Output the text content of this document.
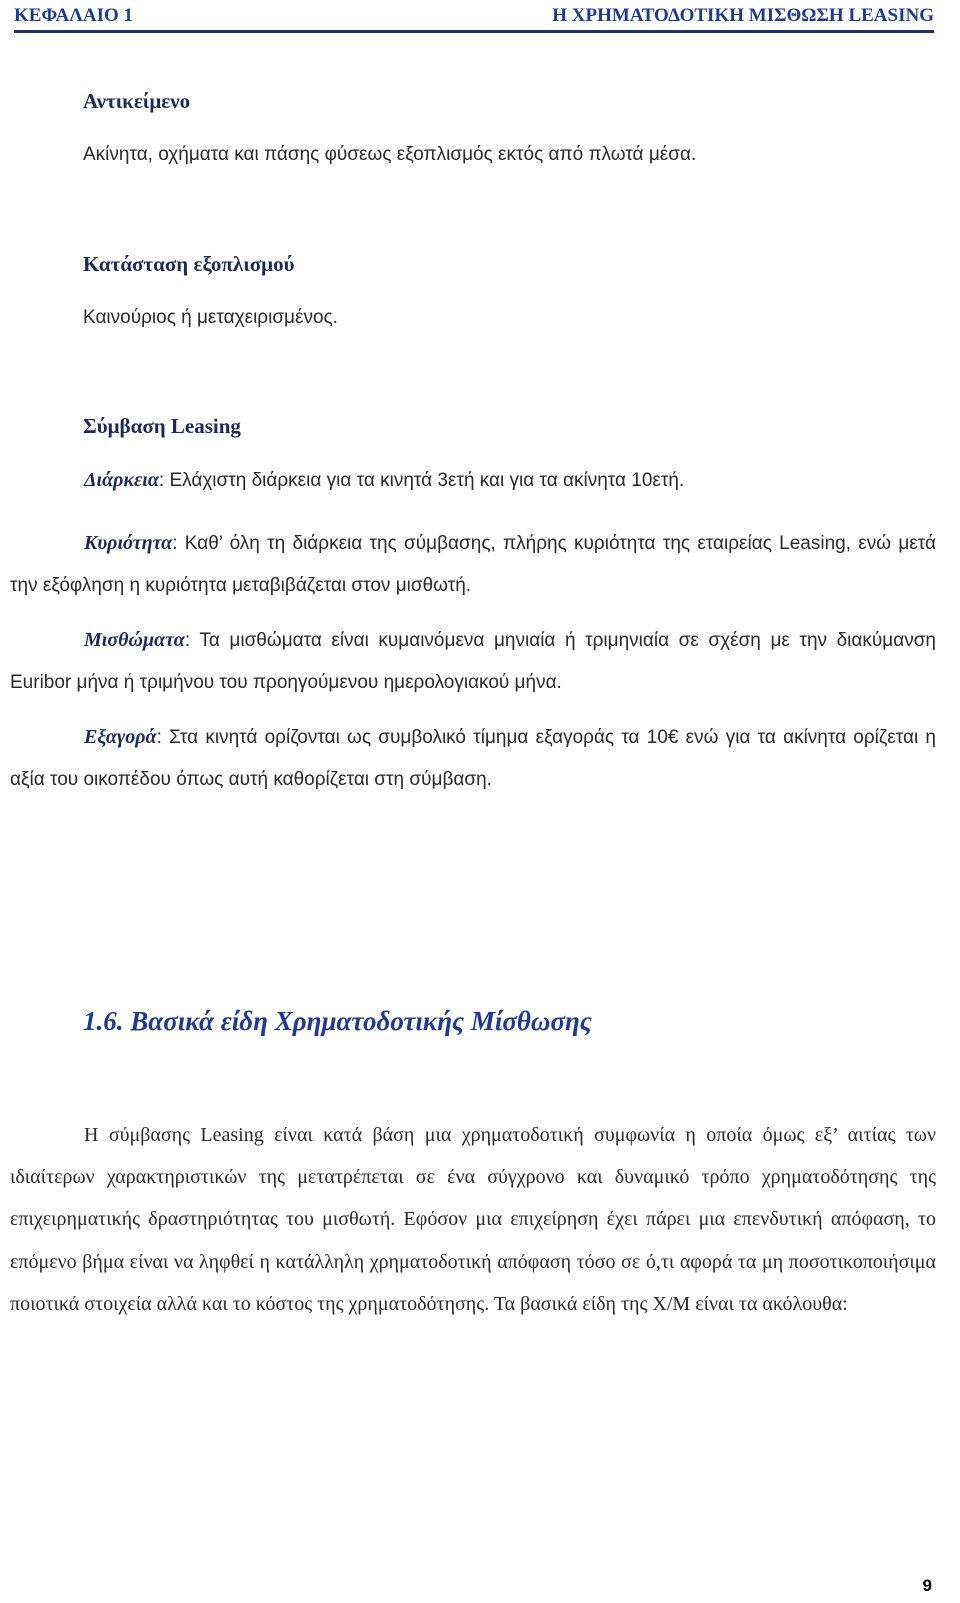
ΚΕΦΑΛΑΙΟ 1	Η ΧΡΗΜΑΤΟΔΟΤΙΚΗ ΜΙΣΘΩΣΗ LEASING

Αντικείμενο

Ακίνητα, οχήματα και πάσης φύσεως εξοπλισμός εκτός από πλωτά μέσα.

Κατάσταση εξοπλισμού

Καινούριος ή μεταχειρισμένος.

Σύμβαση Leasing

Διάρκεια: Ελάχιστη διάρκεια για τα κινητά 3ετή και για τα ακίνητα 10ετή.

Κυριότητα: Καθ’ όλη τη διάρκεια της σύμβασης, πλήρης κυριότητα της εταιρείας Leasing, ενώ μετά την εξόφληση η κυριότητα μεταβιβάζεται στον μισθωτή.

Μισθώματα: Τα μισθώματα είναι κυμαινόμενα μηνιαία ή τριμηνιαία σε σχέση με την διακύμανση Euribor μήνα ή τριμήνου του προηγούμενου ημερολογιακού μήνα.

Εξαγορά: Στα κινητά ορίζονται ως συμβολικό τίμημα εξαγοράς τα 10€ ενώ για τα ακίνητα ορίζεται η αξία του οικοπέδου όπως αυτή καθορίζεται στη σύμβαση.

1.6. Βασικά είδη Χρηματοδοτικής Μίσθωσης

Η σύμβασης Leasing είναι κατά βάση μια χρηματοδοτική συμφωνία η οποία όμως εξ’ αιτίας των ιδιαίτερων χαρακτηριστικών της μετατρέπεται σε ένα σύγχρονο και δυναμικό τρόπο χρηματοδότησης της επιχειρηματικής δραστηριότητας του μισθωτή. Εφόσον μια επιχείρηση έχει πάρει μια επενδυτική απόφαση, το επόμενο βήμα είναι να ληφθεί η κατάλληλη χρηματοδοτική απόφαση τόσο σε ό,τι αφορά τα μη ποσοτικοποιήσιμα ποιοτικά στοιχεία αλλά και το κόστος της χρηματοδότησης. Τα βασικά είδη της Χ/Μ είναι τα ακόλουθα:

9
